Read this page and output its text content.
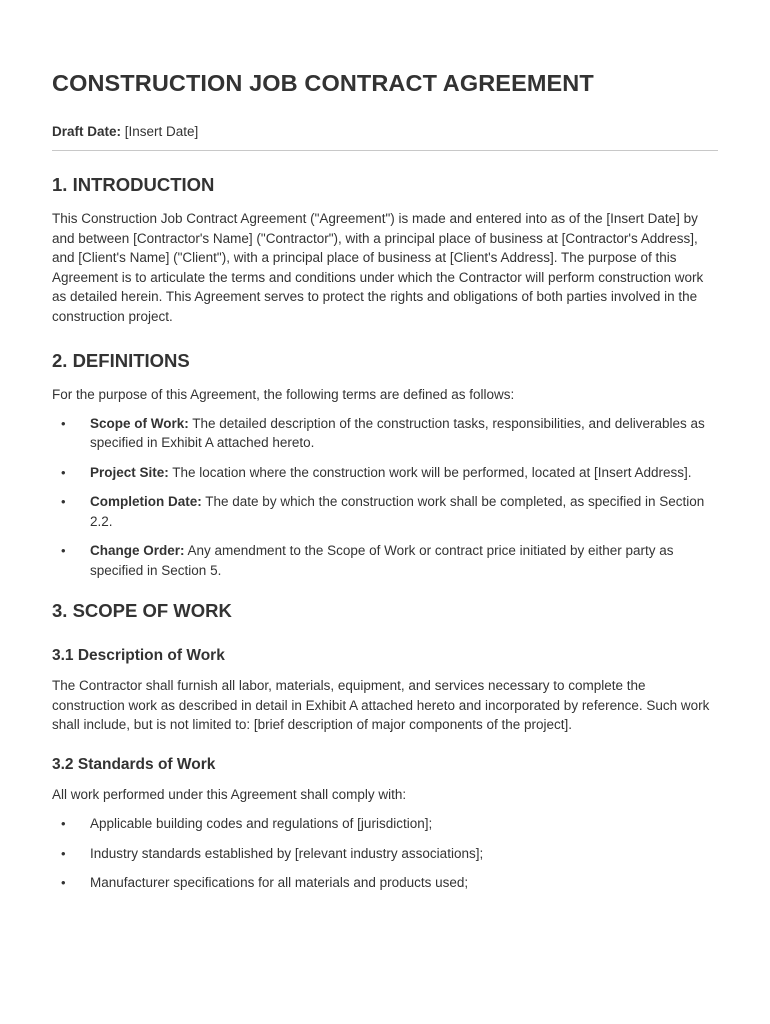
CONSTRUCTION JOB CONTRACT AGREEMENT
Draft Date: [Insert Date]
1. INTRODUCTION

This Construction Job Contract Agreement ("Agreement") is made and entered into as of the [Insert Date] by and between [Contractor's Name] ("Contractor"), with a principal place of business at [Contractor's Address], and [Client's Name] ("Client"), with a principal place of business at [Client's Address]. The purpose of this Agreement is to articulate the terms and conditions under which the Contractor will perform construction work as detailed herein. This Agreement serves to protect the rights and obligations of both parties involved in the construction project.

2. DEFINITIONS

For the purpose of this Agreement, the following terms are defined as follows:

• Scope of Work: The detailed description of the construction tasks, responsibilities, and deliverables as specified in Exhibit A attached hereto.
• Project Site: The location where the construction work will be performed, located at [Insert Address].
• Completion Date: The date by which the construction work shall be completed, as specified in Section 2.2.
• Change Order: Any amendment to the Scope of Work or contract price initiated by either party as specified in Section 5.
3. SCOPE OF WORK
3.1 Description of Work

The Contractor shall furnish all labor, materials, equipment, and services necessary to complete the construction work as described in detail in Exhibit A attached hereto and incorporated by reference. Such work shall include, but is not limited to: [brief description of major components of the project].

3.2 Standards of Work

All work performed under this Agreement shall comply with:

• Applicable building codes and regulations of [jurisdiction];
• Industry standards established by [relevant industry associations];
• Manufacturer specifications for all materials and products used;
